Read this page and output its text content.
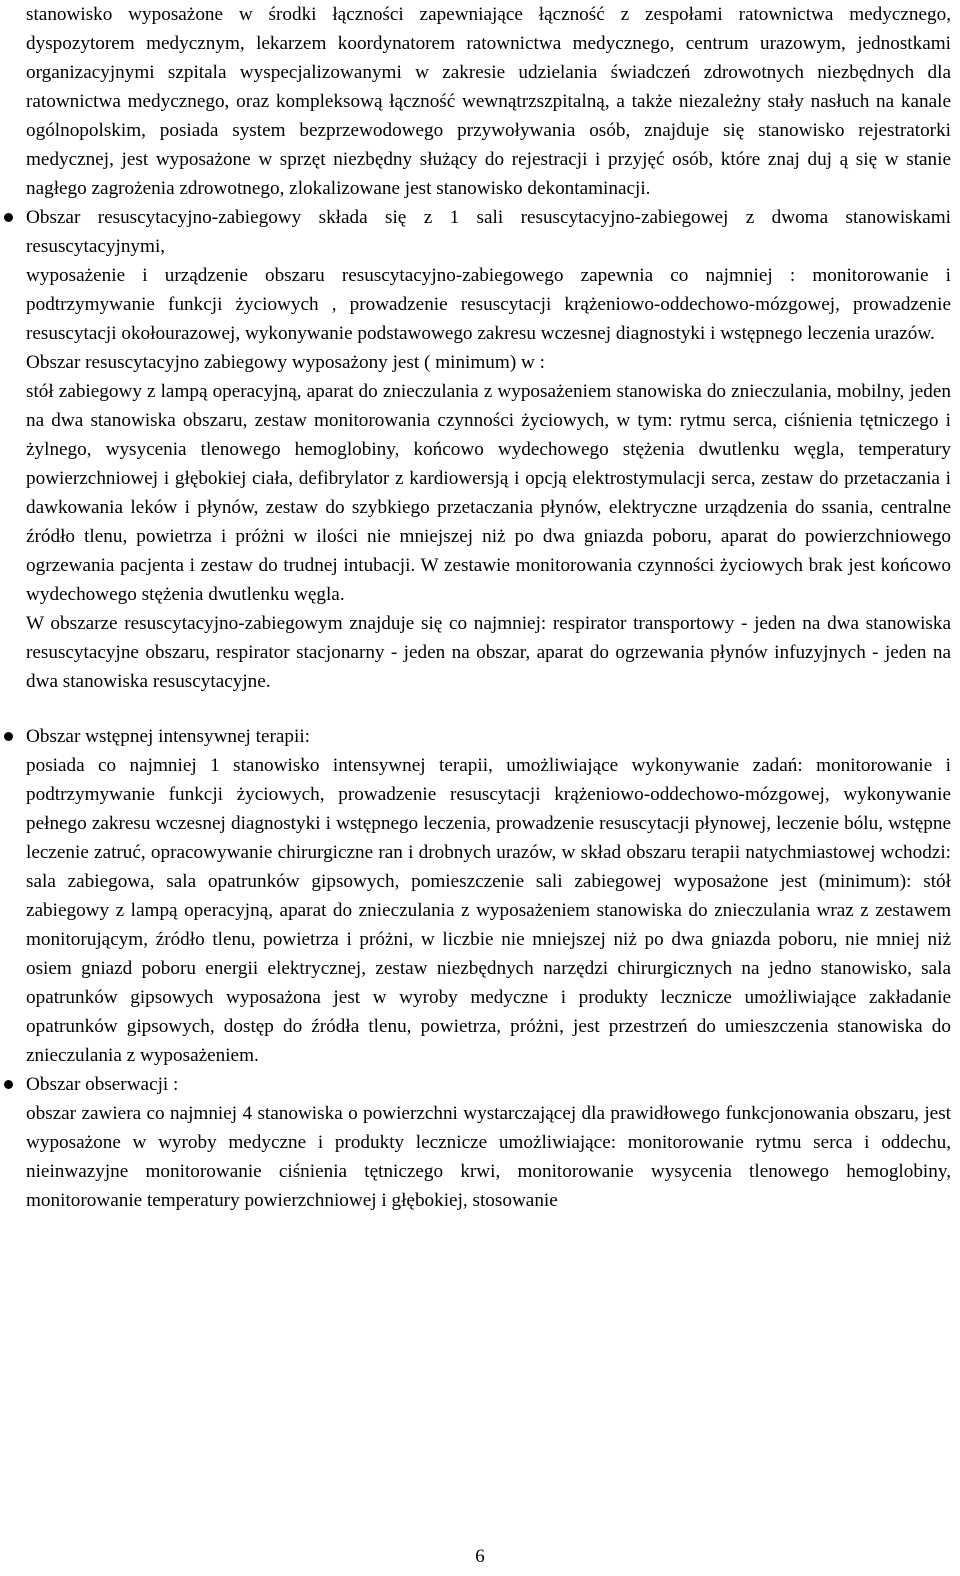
stanowisko wyposażone w środki łączności zapewniające łączność z zespołami ratownictwa medycznego, dyspozytorem medycznym, lekarzem koordynatorem ratownictwa medycznego, centrum urazowym, jednostkami organizacyjnymi szpitala wyspecjalizowanymi w zakresie udzielania świadczeń zdrowotnych niezbędnych dla ratownictwa medycznego, oraz kompleksową łączność wewnątrzszpitalną, a także niezależny stały nasłuch na kanale ogólnopolskim, posiada system bezprzewodowego przywoływania osób, znajduje się stanowisko rejestratorki medycznej, jest wyposażone w sprzęt niezbędny służący do rejestracji i przyjęć osób, które znaj duj ą się w stanie nagłego zagrożenia zdrowotnego, zlokalizowane jest stanowisko dekontaminacji.

Obszar resuscytacyjno-zabiegowy składa się z 1 sali resuscytacyjno-zabiegowej z dwoma stanowiskami resuscytacyjnymi,

wyposażenie i urządzenie obszaru resuscytacyjno-zabiegowego zapewnia co najmniej : monitorowanie i podtrzymywanie funkcji życiowych , prowadzenie resuscytacji krążeniowo-oddechowo-mózgowej, prowadzenie resuscytacji okołourazowej, wykonywanie podstawowego zakresu wczesnej diagnostyki i wstępnego leczenia urazów.

Obszar resuscytacyjno zabiegowy wyposażony jest ( minimum) w :

stół zabiegowy z lampą operacyjną, aparat do znieczulania z wyposażeniem stanowiska do znieczulania, mobilny, jeden na dwa stanowiska obszaru, zestaw monitorowania czynności życiowych, w tym: rytmu serca, ciśnienia tętniczego i żylnego, wysycenia tlenowego hemoglobiny, końcowo wydechowego stężenia dwutlenku węgla, temperatury powierzchniowej i głębokiej ciała, defibrylator z kardiowersją i opcją elektrostymulacji serca, zestaw do przetaczania i dawkowania leków i płynów, zestaw do szybkiego przetaczania płynów, elektryczne urządzenia do ssania, centralne źródło tlenu, powietrza i próżni w ilości nie mniejszej niż po dwa gniazda poboru, aparat do powierzchniowego ogrzewania pacjenta i zestaw do trudnej intubacji. W zestawie monitorowania czynności życiowych brak jest końcowo wydechowego stężenia dwutlenku węgla.

W obszarze resuscytacyjno-zabiegowym znajduje się co najmniej: respirator transportowy - jeden na dwa stanowiska resuscytacyjne obszaru, respirator stacjonarny - jeden na obszar, aparat do ogrzewania płynów infuzyjnych - jeden na dwa stanowiska resuscytacyjne.

Obszar wstępnej intensywnej terapii:

posiada co najmniej 1 stanowisko intensywnej terapii, umożliwiające wykonywanie zadań: monitorowanie i podtrzymywanie funkcji życiowych, prowadzenie resuscytacji krążeniowo-oddechowo-mózgowej, wykonywanie pełnego zakresu wczesnej diagnostyki i wstępnego leczenia, prowadzenie resuscytacji płynowej, leczenie bólu, wstępne leczenie zatruć, opracowywanie chirurgiczne ran i drobnych urazów, w skład obszaru terapii natychmiastowej wchodzi: sala zabiegowa, sala opatrunków gipsowych, pomieszczenie sali zabiegowej wyposażone jest (minimum): stół zabiegowy z lampą operacyjną, aparat do znieczulania z wyposażeniem stanowiska do znieczulania wraz z zestawem monitorującym, źródło tlenu, powietrza i próżni, w liczbie nie mniejszej niż po dwa gniazda poboru, nie mniej niż osiem gniazd poboru energii elektrycznej, zestaw niezbędnych narzędzi chirurgicznych na jedno stanowisko, sala opatrunków gipsowych wyposażona jest w wyroby medyczne i produkty lecznicze umożliwiające zakładanie opatrunków gipsowych, dostęp do źródła tlenu, powietrza, próżni, jest przestrzeń do umieszczenia stanowiska do znieczulania z wyposażeniem.

Obszar obserwacji :

obszar zawiera co najmniej 4 stanowiska o powierzchni wystarczającej dla prawidłowego funkcjonowania obszaru, jest wyposażone w wyroby medyczne i produkty lecznicze umożliwiające: monitorowanie rytmu serca i oddechu, nieinwazyjne monitorowanie ciśnienia tętniczego krwi, monitorowanie wysycenia tlenowego hemoglobiny, monitorowanie temperatury powierzchniowej i głębokiej, stosowanie

6
